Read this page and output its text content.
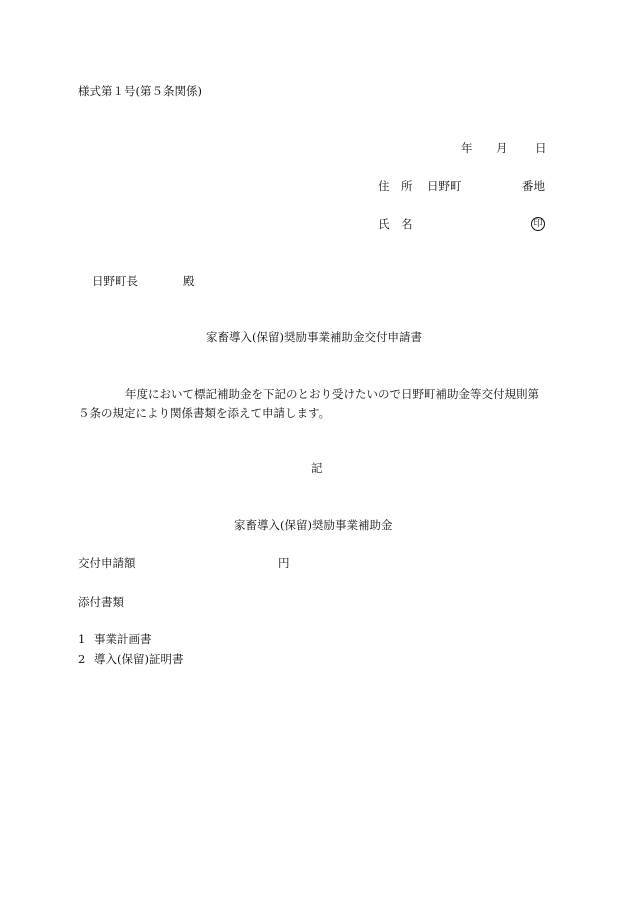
様式第１号(第５条関係)
年 月 日
住　所 日野町	番地
氏　名	印
日野町長	殿
家畜導入(保留)奨励事業補助金交付申請書
年度において標記補助金を下記のとおり受けたいので日野町補助金等交付規則第
５条の規定により関係書類を添えて申請します。
記
家畜導入(保留)奨励事業補助金
交付申請額	円
添付書類
1 事業計画書
2 導入(保留)証明書
